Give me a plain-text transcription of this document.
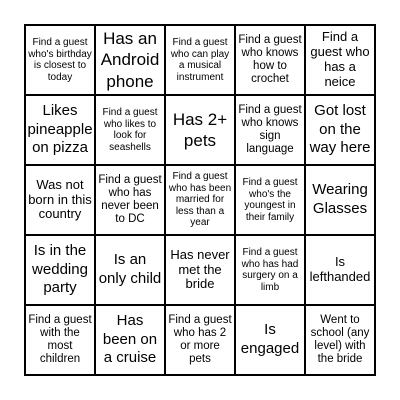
Find a guest who's birthday is closest to today
Has an Android phone
Find a guest who can play a musical instrument
Find a guest who knows how to crochet
Find a guest who has a neice
Likes pineapple on pizza
Find a guest who likes to look for seashells
Has 2+ pets
Find a guest who knows sign language
Got lost on the way here
Was not born in this country
Find a guest who has never been to DC
Find a guest who has been married for less than a year
Find a guest who's the youngest in their family
Wearing Glasses
Is in the wedding party
Is an only child
Has never met the bride
Find a guest who has had surgery on a limb
Is lefthanded
Find a guest with the most children
Has been on a cruise
Find a guest who has 2 or more pets
Is engaged
Went to school (any level) with the bride
